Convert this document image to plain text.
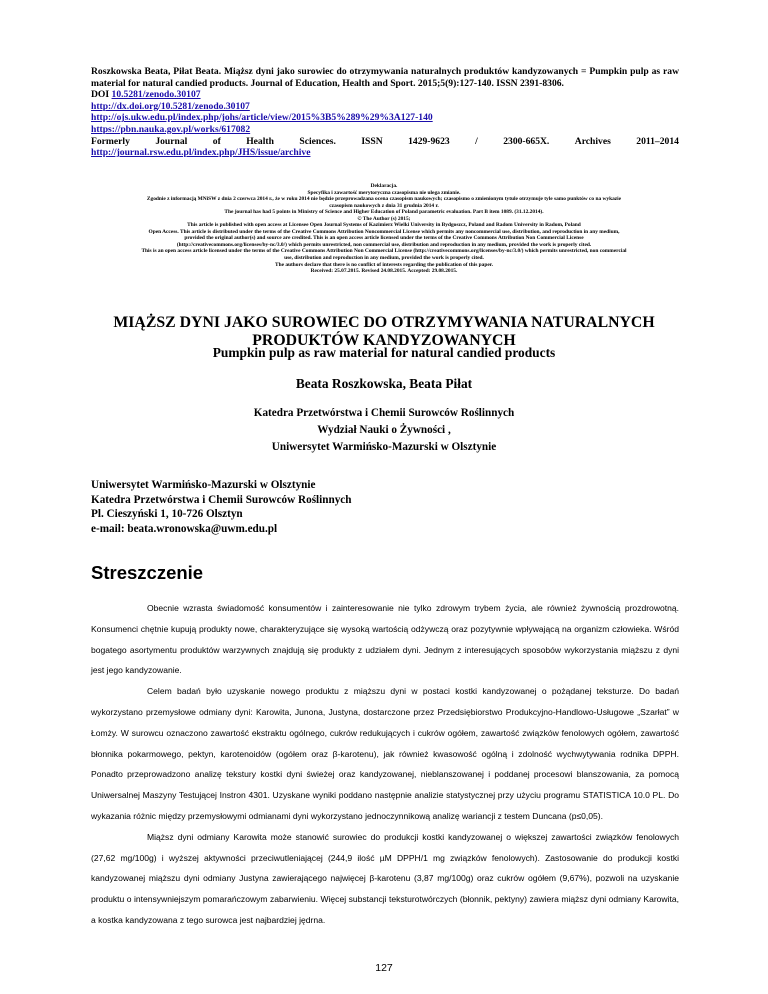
Roszkowska Beata, Piłat Beata. Miąższ dyni jako surowiec do otrzymywania naturalnych produktów kandyzowanych = Pumpkin pulp as raw material for natural candied products. Journal of Education, Health and Sport. 2015;5(9):127-140. ISSN 2391-8306.
DOI 10.5281/zenodo.30107
http://dx.doi.org/10.5281/zenodo.30107
http://ojs.ukw.edu.pl/index.php/johs/article/view/2015%3B5%289%29%3A127-140
https://pbn.nauka.gov.pl/works/617082
Formerly	Journal	of	Health	Sciences.	ISSN	1429-9623	/	2300-665X.	Archives	2011–2014
http://journal.rsw.edu.pl/index.php/JHS/issue/archive
Deklaracja.
Specyfika i zawartość merytoryczna czasopisma nie ulega zmianie.
Zgodnie z informacją MNiSW z dnia 2 czerwca 2014 r., że w roku 2014 nie będzie przeprowadzana ocena czasopism naukowych; czasopismo o zmienionym tytule otrzymuje tyle samo punktów co na wykazie
czasopism naukowych z dnia 31 grudnia 2014 r.
The journal has had 5 points in Ministry of Science and Higher Education of Poland parametric evaluation. Part B item 1089. (31.12.2014).
© The Author (s) 2015;
This article is published with open access at Licensee Open Journal Systems of Kazimierz Wielki University in Bydgoszcz, Poland and Radom University in Radom, Poland
Open Access. This article is distributed under the terms of the Creative Commons Attribution Noncommercial License which permits any noncommercial use, distribution, and reproduction in any medium,
provided the original author(s) and source are credited. This is an open access article licensed under the terms of the Creative Commons Attribution Non Commercial License
(http://creativecommons.org/licenses/by-nc/3.0/) which permits unrestricted, non commercial use, distribution and reproduction in any medium, provided the work is properly cited.
This is an open access article licensed under the terms of the Creative Commons Attribution Non Commercial License (http://creativecommons.org/licenses/by-nc/3.0/) which permits unrestricted, non commercial
use, distribution and reproduction in any medium, provided the work is properly cited.
The authors declare that there is no conflict of interests regarding the publication of this paper.
Received: 25.07.2015. Revised 24.08.2015. Accepted: 29.08.2015.
MIĄŻSZ DYNI JAKO SUROWIEC DO OTRZYMYWANIA NATURALNYCH
PRODUKTÓW KANDYZOWANYCH
Pumpkin pulp as raw material for natural candied products
Beata Roszkowska, Beata Piłat
Katedra Przetwórstwa i Chemii Surowców Roślinnych
Wydział Nauki o Żywności ,
Uniwersytet Warmińsko-Mazurski w Olsztynie
Uniwersytet Warmińsko-Mazurski w Olsztynie
Katedra Przetwórstwa i Chemii Surowców Roślinnych
Pl. Cieszyński 1, 10-726 Olsztyn
e-mail: beata.wronowska@uwm.edu.pl
Streszczenie

Obecnie wzrasta świadomość konsumentów i zainteresowanie nie tylko zdrowym trybem życia, ale również żywnością prozdrowotną. Konsumenci chętnie kupują produkty nowe, charakteryzujące się wysoką wartością odżywczą oraz pozytywnie wpływającą na organizm człowieka. Wśród bogatego asortymentu produktów warzywnych znajdują się produkty z udziałem dyni. Jednym z interesujących sposobów wykorzystania miąższu z dyni jest jego kandyzowanie.

Celem badań było uzyskanie nowego produktu z miąższu dyni w postaci kostki kandyzowanej o pożądanej teksturze. Do badań wykorzystano przemysłowe odmiany dyni: Karowita, Junona, Justyna, dostarczone przez Przedsiębiorstwo Produkcyjno-Handlowo-Usługowe „Szarłat” w Łomży. W surowcu oznaczono zawartość ekstraktu ogólnego, cukrów redukujących i cukrów ogółem, zawartość związków fenolowych ogółem, zawartość błonnika pokarmowego, pektyn, karotenoidów (ogółem oraz β-karotenu), jak również kwasowość ogólną i zdolność wychwytywania rodnika DPPH. Ponadto przeprowadzono analizę tekstury kostki dyni świeżej oraz kandyzowanej, nieblanszowanej i poddanej procesowi blanszowania, za pomocą Uniwersalnej Maszyny Testującej Instron 4301. Uzyskane wyniki poddano następnie analizie statystycznej przy użyciu programu STATISTICA 10.0 PL. Do wykazania różnic między przemysłowymi odmianami dyni wykorzystano jednoczynnikową analizę wariancji z testem Duncana (p≤0,05).

Miąższ dyni odmiany Karowita może stanowić surowiec do produkcji kostki kandyzowanej o większej zawartości związków fenolowych (27,62 mg/100g) i wyższej aktywności przeciwutleniającej (244,9 ilość µM DPPH/1 mg związków fenolowych). Zastosowanie do produkcji kostki kandyzowanej miąższu dyni odmiany Justyna zawierającego najwięcej β-karotenu (3,87 mg/100g) oraz cukrów ogółem (9,67%), pozwoli na uzyskanie produktu o intensywniejszym pomarańczowym zabarwieniu. Więcej substancji teksturotwórczych (błonnik, pektyny) zawiera miąższ dyni odmiany Karowita, a kostka kandyzowana z tego surowca jest najbardziej jędrna.

127
